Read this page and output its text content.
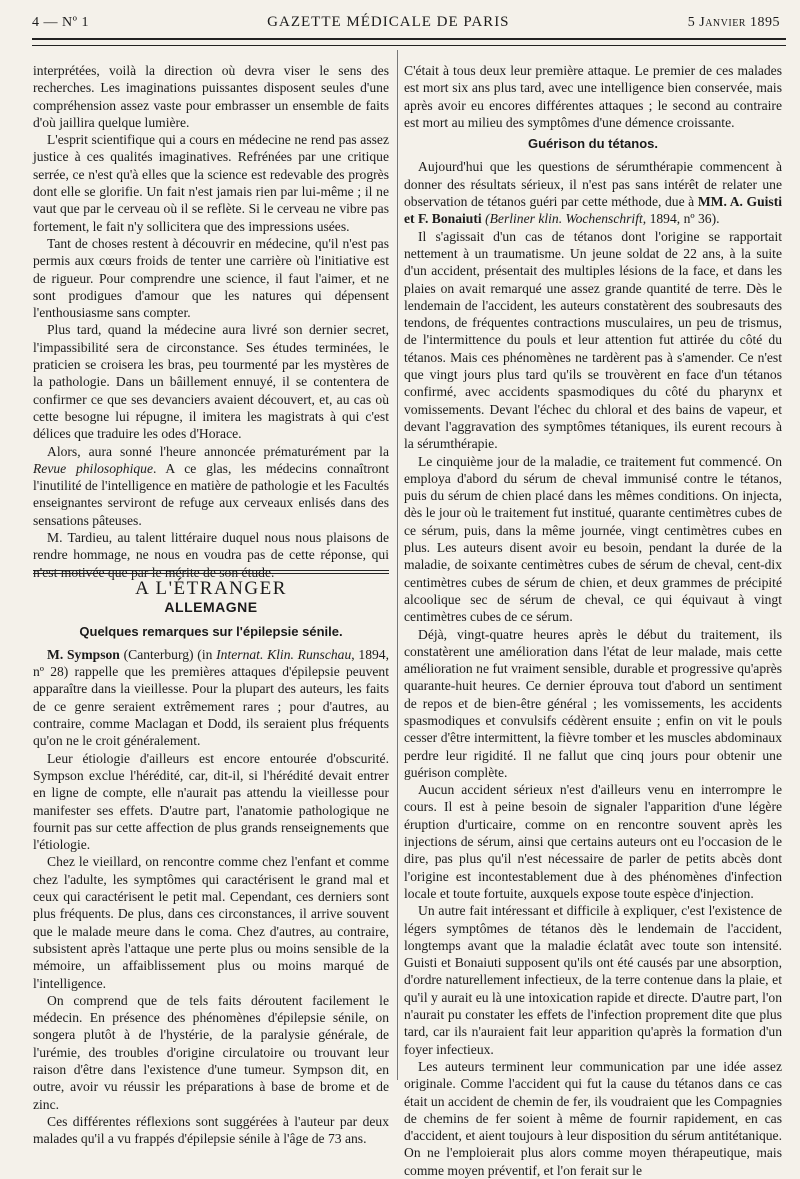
4 — Nº 1	GAZETTE MÉDICALE DE PARIS	5 Janvier 1895

interprétées, voilà la direction où devra viser le sens des recherches. Les imaginations puissantes disposent seules d'une compréhension assez vaste pour embrasser un ensemble de faits d'où jaillira quelque lumière.

L'esprit scientifique qui a cours en médecine ne rend pas assez justice à ces qualités imaginatives. Refrénées par une critique serrée, ce n'est qu'à elles que la science est redevable des progrès dont elle se glorifie. Un fait n'est jamais rien par lui-même ; il ne vaut que par le cerveau où il se reflète. Si le cerveau ne vibre pas fortement, le fait n'y sollicitera que des impressions usées.

Tant de choses restent à découvrir en médecine, qu'il n'est pas permis aux cœurs froids de tenter une carrière où l'initiative est de rigueur. Pour comprendre une science, il faut l'aimer, et ne sont prodigues d'amour que les natures qui dépensent l'enthousiasme sans compter.

Plus tard, quand la médecine aura livré son dernier secret, l'impassibilité sera de circonstance. Ses études terminées, le praticien se croisera les bras, peu tourmenté par les mystères de la pathologie. Dans un bâillement ennuyé, il se contentera de confirmer ce que ses devanciers avaient découvert, et, au cas où cette besogne lui répugne, il imitera les magistrats à qui c'est délices que traduire les odes d'Horace.

Alors, aura sonné l'heure annoncée prématurément par la Revue philosophique. A ce glas, les médecins connaîtront l'inutilité de l'intelligence en matière de pathologie et les Facultés enseignantes serviront de refuge aux cerveaux enlisés dans des sensations pâteuses.

M. Tardieu, au talent littéraire duquel nous nous plaisons de rendre hommage, ne nous en voudra pas de cette réponse, qui n'est motivée que par le mérite de son étude.

A L'ÉTRANGER
ALLEMAGNE
Quelques remarques sur l'épilepsie sénile.

M. Sympson (Canterburg) (in Internat. Klin. Runschau, 1894, nº 28) rappelle que les premières attaques d'épilepsie peuvent apparaître dans la vieillesse. Pour la plupart des auteurs, les faits de ce genre seraient extrêmement rares ; pour d'autres, au contraire, comme Maclagan et Dodd, ils seraient plus fréquents qu'on ne le croit généralement.

Leur étiologie d'ailleurs est encore entourée d'obscurité. Sympson exclue l'hérédité, car, dit-il, si l'hérédité devait entrer en ligne de compte, elle n'aurait pas attendu la vieillesse pour manifester ses effets. D'autre part, l'anatomie pathologique ne fournit pas sur cette affection de plus grands renseignements que l'étiologie.

Chez le vieillard, on rencontre comme chez l'enfant et comme chez l'adulte, les symptômes qui caractérisent le grand mal et ceux qui caractérisent le petit mal. Cependant, ces derniers sont plus fréquents. De plus, dans ces circonstances, il arrive souvent que le malade meure dans le coma. Chez d'autres, au contraire, subsistent après l'attaque une perte plus ou moins sensible de la mémoire, un affaiblissement plus ou moins marqué de l'intelligence.

On comprend que de tels faits déroutent facilement le médecin. En présence des phénomènes d'épilepsie sénile, on songera plutôt à de l'hystérie, de la paralysie générale, de l'urémie, des troubles d'origine circulatoire ou trouvant leur raison d'être dans l'existence d'une tumeur. Sympson dit, en outre, avoir vu réussir les préparations à base de brome et de zinc.

Ces différentes réflexions sont suggérées à l'auteur par deux malades qu'il a vu frappés d'épilepsie sénile à l'âge de 73 ans.

C'était à tous deux leur première attaque. Le premier de ces malades est mort six ans plus tard, avec une intelligence bien conservée, mais après avoir eu encores différentes attaques ; le second au contraire est mort au milieu des symptômes d'une démence croissante.

Guérison du tétanos.

Aujourd'hui que les questions de sérumthérapie commencent à donner des résultats sérieux, il n'est pas sans intérêt de relater une observation de tétanos guéri par cette méthode, due à MM. A. Guisti et F. Bonaiuti (Berliner klin. Wochenschrift, 1894, nº 36).

Il s'agissait d'un cas de tétanos dont l'origine se rapportait nettement à un traumatisme. Un jeune soldat de 22 ans, à la suite d'un accident, présentait des multiples lésions de la face, et dans les plaies on avait remarqué une assez grande quantité de terre. Dès le lendemain de l'accident, les auteurs constatèrent des soubresauts des tendons, de fréquentes contractions musculaires, un peu de trismus, de l'intermittence du pouls et leur attention fut attirée du côté du tétanos. Mais ces phénomènes ne tardèrent pas à s'amender. Ce n'est que vingt jours plus tard qu'ils se trouvèrent en face d'un tétanos confirmé, avec accidents spasmodiques du côté du pharynx et vomissements. Devant l'échec du chloral et des bains de vapeur, et devant l'aggravation des symptômes tétaniques, ils eurent recours à la sérumthérapie.

Le cinquième jour de la maladie, ce traitement fut commencé. On employa d'abord du sérum de cheval immunisé contre le tétanos, puis du sérum de chien placé dans les mêmes conditions. On injecta, dès le jour où le traitement fut institué, quarante centimètres cubes de ce sérum, puis, dans la même journée, vingt centimètres cubes en plus. Les auteurs disent avoir eu besoin, pendant la durée de la maladie, de soixante centimètres cubes de sérum de cheval, cent-dix centimètres cubes de sérum de chien, et deux grammes de précipité alcoolique sec de sérum de cheval, ce qui équivaut à vingt centimètres cubes de ce sérum.

Déjà, vingt-quatre heures après le début du traitement, ils constatèrent une amélioration dans l'état de leur malade, mais cette amélioration ne fut vraiment sensible, durable et progressive qu'après quarante-huit heures. Ce dernier éprouva tout d'abord un sentiment de repos et de bien-être général ; les vomissements, les accidents spasmodiques et convulsifs cédèrent ensuite ; enfin on vit le pouls cesser d'être intermittent, la fièvre tomber et les muscles abdominaux perdre leur rigidité. Il ne fallut que cinq jours pour obtenir une guérison complète.

Aucun accident sérieux n'est d'ailleurs venu en interrompre le cours. Il est à peine besoin de signaler l'apparition d'une légère éruption d'urticaire, comme on en rencontre souvent après les injections de sérum, ainsi que certains auteurs ont eu l'occasion de le dire, pas plus qu'il n'est nécessaire de parler de petits abcès dont l'origine est incontestablement due à des phénomènes d'infection locale et toute fortuite, auxquels expose toute espèce d'injection.

Un autre fait intéressant et difficile à expliquer, c'est l'existence de légers symptômes de tétanos dès le lendemain de l'accident, longtemps avant que la maladie éclatât avec toute son intensité. Guisti et Bonaiuti supposent qu'ils ont été causés par une absorption, d'ordre naturellement infectieux, de la terre contenue dans la plaie, et qu'il y aurait eu là une intoxication rapide et directe. D'autre part, l'on n'aurait pu constater les effets de l'infection proprement dite que plus tard, car ils n'auraient fait leur apparition qu'après la formation d'un foyer infectieux.

Les auteurs terminent leur communication par une idée assez originale. Comme l'accident qui fut la cause du tétanos dans ce cas était un accident de chemin de fer, ils voudraient que les Compagnies de chemins de fer soient à même de fournir rapidement, en cas d'accident, et aient toujours à leur disposition du sérum antitétanique. On ne l'emploierait plus alors comme moyen thérapeutique, mais comme moyen préventif, et l'on ferait sur le
